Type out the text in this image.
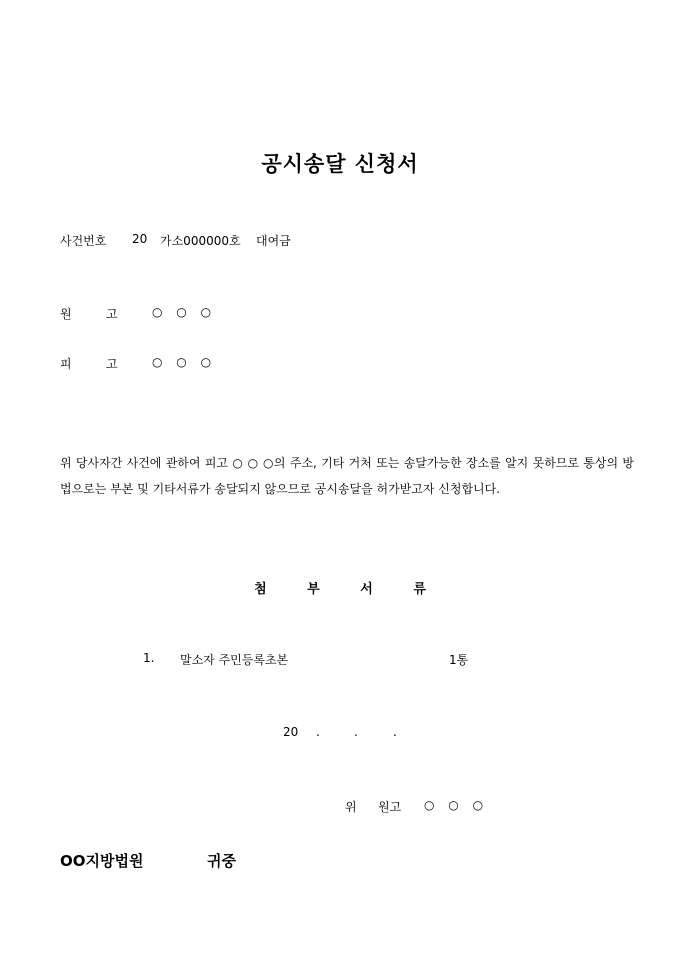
공시송달 신청서
사건번호 20 가소000000호 대여금
원	고	○ ○ ○
피	고	○ ○ ○
위 당사자간 사건에 관하여 피고 ○ ○ ○의 주소, 기타 거처 또는 송달가능한 장소를 알지 못하므로 통상의 방법으로는 부본 및 기타서류가 송달되지 않으므로 공시송달을 허가받고자 신청합니다.
첨	부	서	류
1. 말소자 주민등록초본	1통
20 .	.	.
위 원고 ○ ○ ○
OO지방법원	귀중
